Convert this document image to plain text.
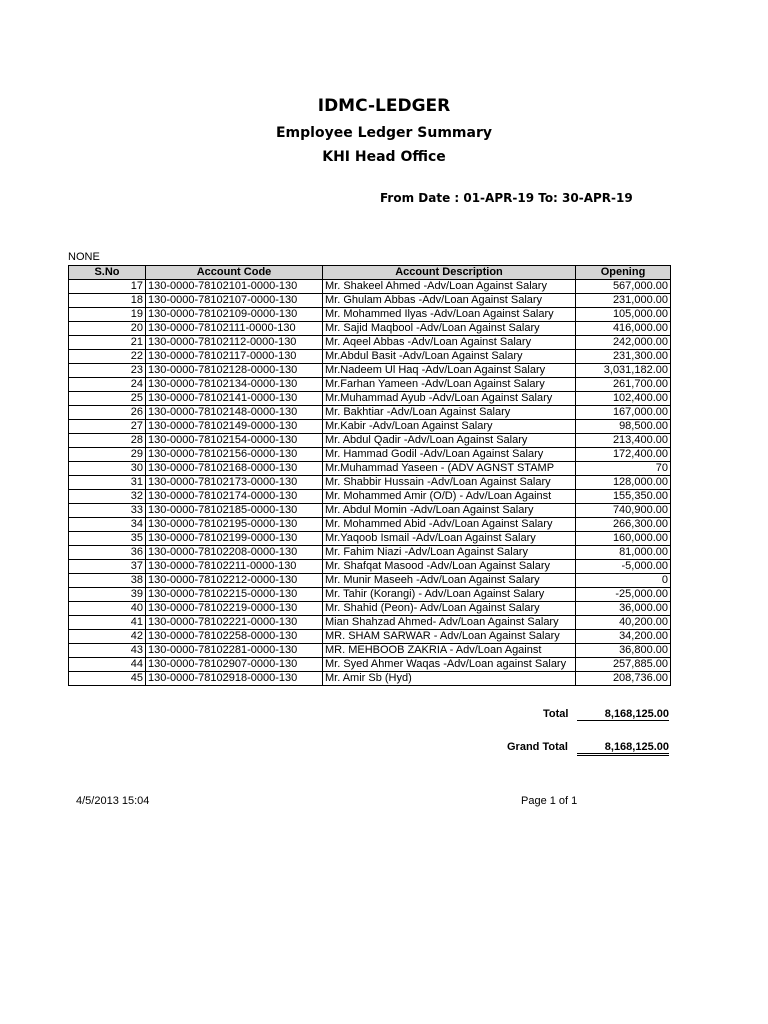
IDMC-LEDGER
Employee Ledger Summary
KHI Head Office
From Date : 01-APR-19 To: 30-APR-19
NONE
S.No	Account Code	Account Description	Opening
17	130-0000-78102101-0000-130	Mr. Shakeel Ahmed -Adv/Loan Against Salary	567,000.00
18	130-0000-78102107-0000-130	Mr. Ghulam Abbas -Adv/Loan Against Salary	231,000.00
19	130-0000-78102109-0000-130	Mr. Mohammed Ilyas -Adv/Loan Against Salary	105,000.00
20	130-0000-78102111-0000-130	Mr. Sajid Maqbool -Adv/Loan Against Salary	416,000.00
21	130-0000-78102112-0000-130	Mr. Aqeel Abbas -Adv/Loan Against Salary	242,000.00
22	130-0000-78102117-0000-130	Mr.Abdul Basit -Adv/Loan Against Salary	231,300.00
23	130-0000-78102128-0000-130	Mr.Nadeem Ul Haq -Adv/Loan Against Salary	3,031,182.00
24	130-0000-78102134-0000-130	Mr.Farhan Yameen -Adv/Loan Against Salary	261,700.00
25	130-0000-78102141-0000-130	Mr.Muhammad Ayub -Adv/Loan Against Salary	102,400.00
26	130-0000-78102148-0000-130	Mr. Bakhtiar -Adv/Loan Against Salary	167,000.00
27	130-0000-78102149-0000-130	Mr.Kabir -Adv/Loan Against Salary	98,500.00
28	130-0000-78102154-0000-130	Mr. Abdul Qadir -Adv/Loan Against Salary	213,400.00
29	130-0000-78102156-0000-130	Mr. Hammad Godil -Adv/Loan Against Salary	172,400.00
30	130-0000-78102168-0000-130	Mr.Muhammad Yaseen - (ADV AGNST STAMP	70
31	130-0000-78102173-0000-130	Mr. Shabbir Hussain -Adv/Loan Against Salary	128,000.00
32	130-0000-78102174-0000-130	Mr. Mohammed Amir (O/D) - Adv/Loan Against	155,350.00
33	130-0000-78102185-0000-130	Mr. Abdul Momin -Adv/Loan Against Salary	740,900.00
34	130-0000-78102195-0000-130	Mr. Mohammed Abid -Adv/Loan Against Salary	266,300.00
35	130-0000-78102199-0000-130	Mr.Yaqoob Ismail -Adv/Loan Against Salary	160,000.00
36	130-0000-78102208-0000-130	Mr. Fahim Niazi -Adv/Loan Against Salary	81,000.00
37	130-0000-78102211-0000-130	Mr. Shafqat Masood -Adv/Loan Against Salary	-5,000.00
38	130-0000-78102212-0000-130	Mr. Munir Maseeh -Adv/Loan Against Salary	0
39	130-0000-78102215-0000-130	Mr. Tahir (Korangi) - Adv/Loan Against Salary	-25,000.00
40	130-0000-78102219-0000-130	Mr. Shahid (Peon)- Adv/Loan Against Salary	36,000.00
41	130-0000-78102221-0000-130	Mian Shahzad Ahmed- Adv/Loan Against Salary	40,200.00
42	130-0000-78102258-0000-130	MR. SHAM SARWAR - Adv/Loan Against Salary	34,200.00
43	130-0000-78102281-0000-130	MR. MEHBOOB ZAKRIA - Adv/Loan Against	36,800.00
44	130-0000-78102907-0000-130	Mr. Syed Ahmer Waqas -Adv/Loan against Salary	257,885.00
45	130-0000-78102918-0000-130	Mr. Amir Sb (Hyd)	208,736.00
Total	8,168,125.00
Grand Total	8,168,125.00
4/5/2013 15:04	Page 1 of 1
